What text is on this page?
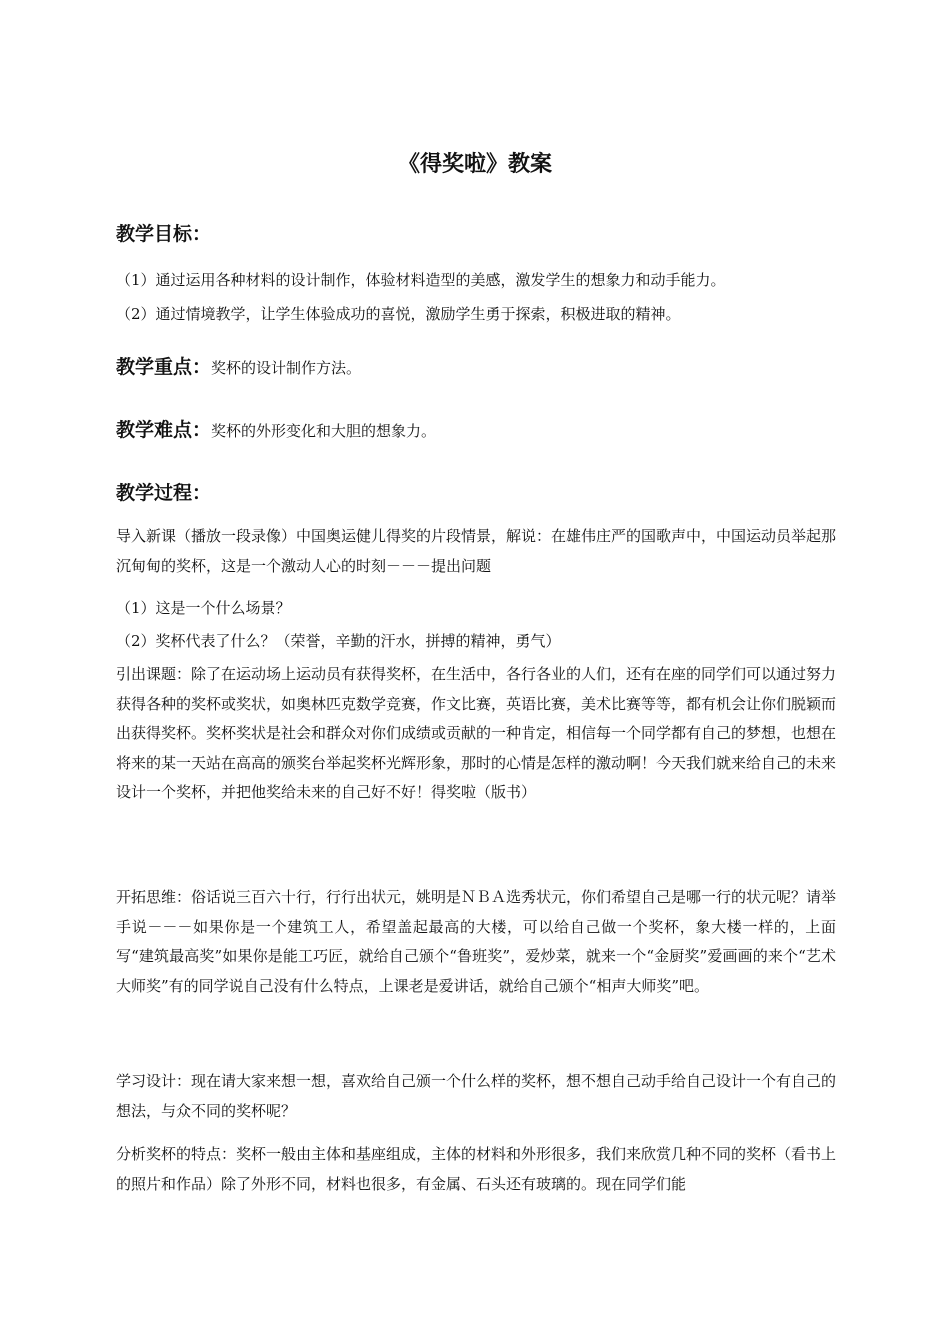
《得奖啦》教案
教学目标：
（1）通过运用各种材料的设计制作，体验材料造型的美感，激发学生的想象力和动手能力。
（2）通过情境教学，让学生体验成功的喜悦，激励学生勇于探索，积极进取的精神。
教学重点：奖杯的设计制作方法。
教学难点：奖杯的外形变化和大胆的想象力。
教学过程：
导入新课（播放一段录像）中国奥运健儿得奖的片段情景，解说：在雄伟庄严的国歌声中，中国运动员举起那沉甸甸的奖杯，这是一个激动人心的时刻－－－提出问题
（1）这是一个什么场景？
（2）奖杯代表了什么？（荣誉，辛勤的汗水，拼搏的精神，勇气）
引出课题：除了在运动场上运动员有获得奖杯，在生活中，各行各业的人们，还有在座的同学们可以通过努力获得各种的奖杯或奖状，如奥林匹克数学竞赛，作文比赛，英语比赛，美术比赛等等，都有机会让你们脱颖而出获得奖杯。奖杯奖状是社会和群众对你们成绩或贡献的一种肯定，相信每一个同学都有自己的梦想，也想在将来的某一天站在高高的颁奖台举起奖杯光辉形象，那时的心情是怎样的激动啊！今天我们就来给自己的未来设计一个奖杯，并把他奖给未来的自己好不好！得奖啦（版书）
开拓思维：俗话说三百六十行，行行出状元，姚明是ＮＢＡ选秀状元，你们希望自己是哪一行的状元呢？请举手说－－－如果你是一个建筑工人，希望盖起最高的大楼，可以给自己做一个奖杯，象大楼一样的，上面写“建筑最高奖”如果你是能工巧匠，就给自己颁个“鲁班奖”，爱炒菜，就来一个“金厨奖”爱画画的来个“艺术大师奖”有的同学说自己没有什么特点，上课老是爱讲话，就给自己颁个“相声大师奖”吧。
学习设计：现在请大家来想一想，喜欢给自己颁一个什么样的奖杯，想不想自己动手给自己设计一个有自己的想法，与众不同的奖杯呢？
分析奖杯的特点：奖杯一般由主体和基座组成，主体的材料和外形很多，我们来欣赏几种不同的奖杯（看书上的照片和作品）除了外形不同，材料也很多，有金属、石头还有玻璃的。现在同学们能
